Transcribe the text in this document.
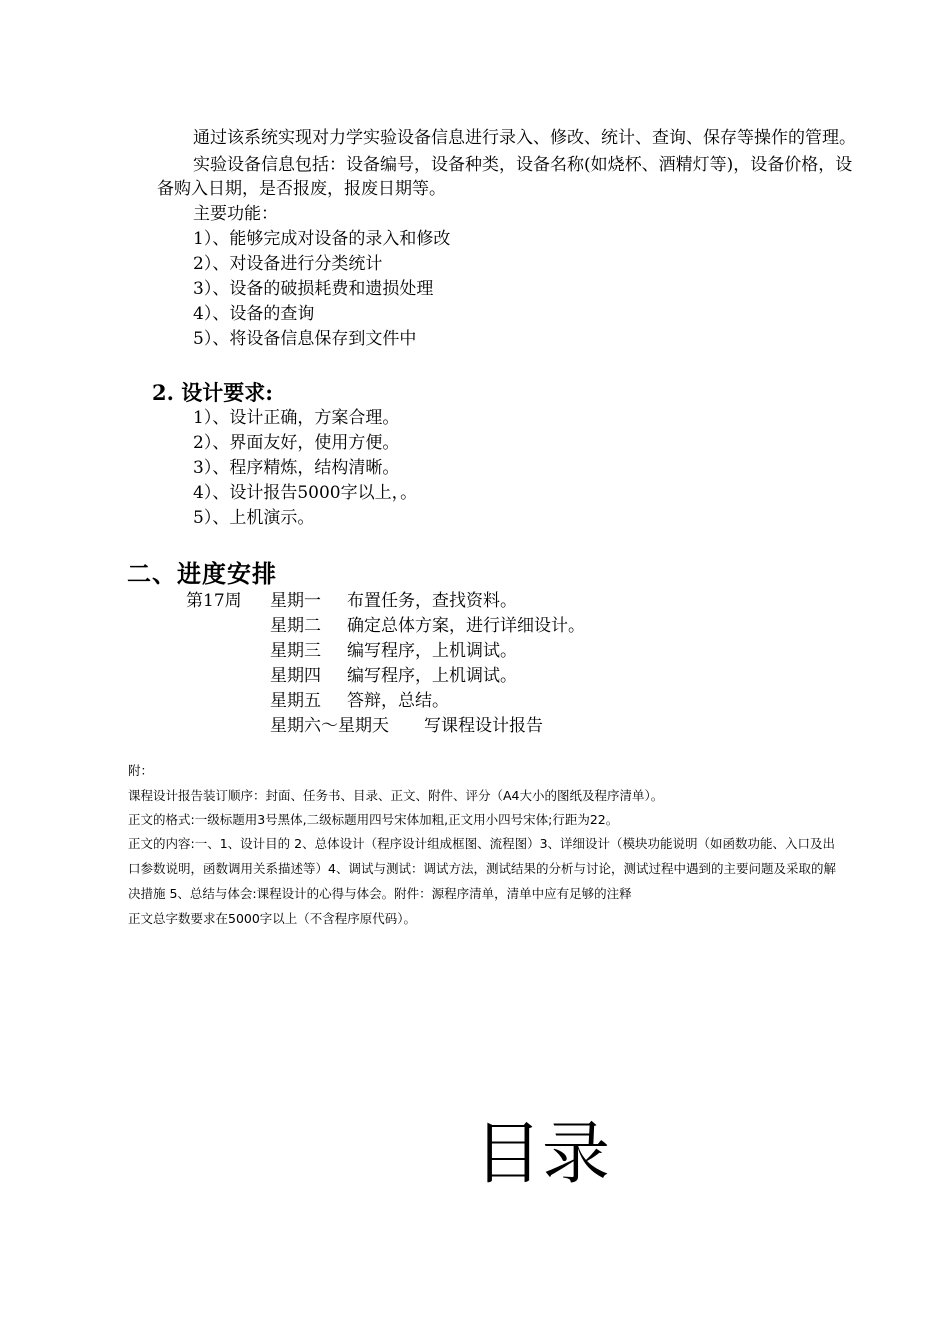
通过该系统实现对力学实验设备信息进行录入、修改、统计、查询、保存等操作的管理。
实验设备信息包括：设备编号，设备种类，设备名称(如烧杯、酒精灯等)，设备价格，设
备购入日期，是否报废，报废日期等。
主要功能：
1）、能够完成对设备的录入和修改
2）、对设备进行分类统计
3）、设备的破损耗费和遗损处理
4）、设备的查询
5）、将设备信息保存到文件中
2. 设计要求:
1）、设计正确，方案合理。
2）、界面友好，使用方便。
3）、程序精炼，结构清晰。
4）、设计报告5000字以上，。
5）、上机演示。
二、进度安排
第17周 星期一 布置任务，查找资料。
星期二 确定总体方案，进行详细设计。
星期三 编写程序，上机调试。
星期四 编写程序，上机调试。
星期五 答辩，总结。
星期六～星期天 写课程设计报告
附：
课程设计报告装订顺序：封面、任务书、目录、正文、附件、评分（A4大小的图纸及程序清单）。
正文的格式:一级标题用3号黑体,二级标题用四号宋体加粗,正文用小四号宋体;行距为22。
正文的内容:一、1、设计目的 2、总体设计（程序设计组成框图、流程图）3、详细设计（模块功能说明（如函数功能、入口及出
口参数说明，函数调用关系描述等）4、调试与测试：调试方法，测试结果的分析与讨论，测试过程中遇到的主要问题及采取的解
决措施 5、总结与体会:课程设计的心得与体会。附件：源程序清单，清单中应有足够的注释
正文总字数要求在5000字以上（不含程序原代码）。
目录
